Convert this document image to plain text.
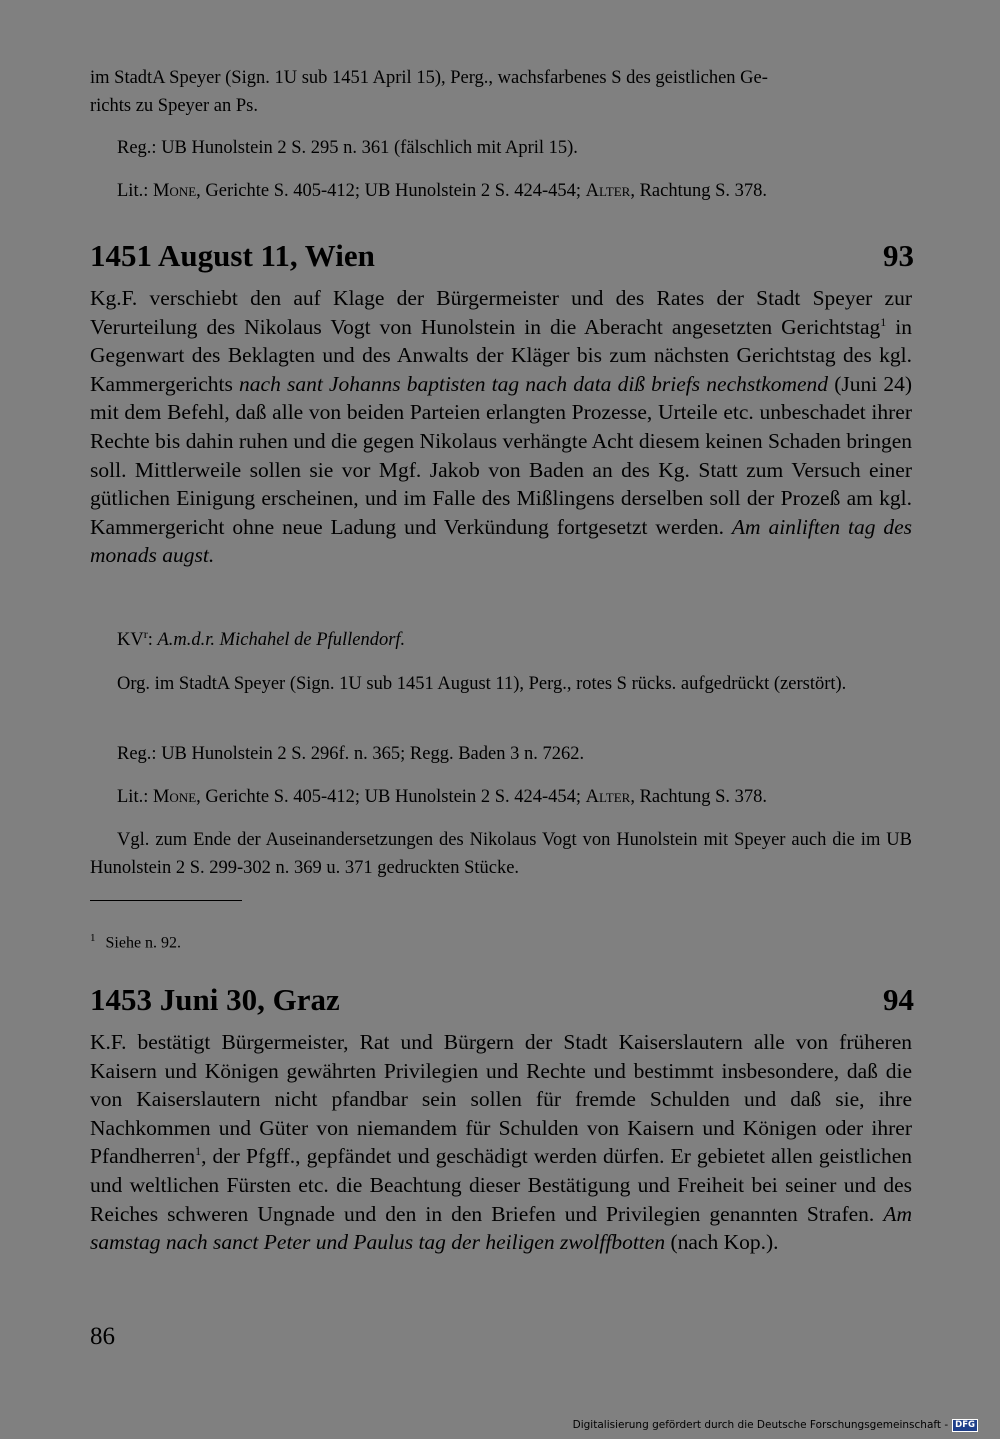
im StadtA Speyer (Sign. 1U sub 1451 April 15), Perg., wachsfarbenes S des geistlichen Ge-
richts zu Speyer an Ps.
Reg.: UB Hunolstein 2 S. 295 n. 361 (fälschlich mit April 15).
Lit.: Mone, Gerichte S. 405-412; UB Hunolstein 2 S. 424-454; Alter, Rachtung S. 378.
1451 August 11, Wien	93
Kg.F. verschiebt den auf Klage der Bürgermeister und des Rates der Stadt Speyer zur Verurteilung des Nikolaus Vogt von Hunolstein in die Aberacht angesetzten Gerichtstag$^1$ in Gegenwart des Beklagten und des Anwalts der Kläger bis zum nächsten Gerichtstag des kgl. Kammergerichts nach sant Johanns baptisten tag nach data diß briefs nechstkomend (Juni 24) mit dem Befehl, daß alle von beiden Parteien erlangten Prozesse, Urteile etc. unbeschadet ihrer Rechte bis dahin ruhen und die gegen Nikolaus verhängte Acht diesem keinen Schaden bringen soll. Mittlerweile sollen sie vor Mgf. Jakob von Baden an des Kg. Statt zum Versuch einer gütlichen Einigung erscheinen, und im Falle des Mißlingens derselben soll der Prozeß am kgl. Kammergericht ohne neue Ladung und Verkündung fortgesetzt werden. Am ainliften tag des monads augst.
$KV^r$: A.m.d.r. Michahel de Pfullendorf.
Org. im StadtA Speyer (Sign. 1U sub 1451 August 11), Perg., rotes S rücks. aufgedrückt (zerstört).
Reg.: UB Hunolstein 2 S. 296f. n. 365; Regg. Baden 3 n. 7262.
Lit.: Mone, Gerichte S. 405-412; UB Hunolstein 2 S. 424-454; Alter, Rachtung S. 378.
Vgl. zum Ende der Auseinandersetzungen des Nikolaus Vogt von Hunolstein mit Speyer auch die im UB Hunolstein 2 S. 299-302 n. 369 u. 371 gedruckten Stücke.
$^1$ Siehe n. 92.
1453 Juni 30, Graz	94
K.F. bestätigt Bürgermeister, Rat und Bürgern der Stadt Kaiserslautern alle von früheren Kaisern und Königen gewährten Privilegien und Rechte und bestimmt insbesondere, daß die von Kaiserslautern nicht pfandbar sein sollen für fremde Schulden und daß sie, ihre Nachkommen und Güter von niemandem für Schulden von Kaisern und Königen oder ihrer Pfandherren$^1$, der Pfgff., gepfändet und geschädigt werden dürfen. Er gebietet allen geistlichen und weltlichen Fürsten etc. die Beachtung dieser Bestätigung und Freiheit bei seiner und des Reiches schweren Ungnade und den in den Briefen und Privilegien genannten Strafen. Am samstag nach sanct Peter und Paulus tag der heiligen zwolffbotten (nach Kop.).
86
Digitalisierung gefördert durch die Deutsche Forschungsgemeinschaft - DFG
